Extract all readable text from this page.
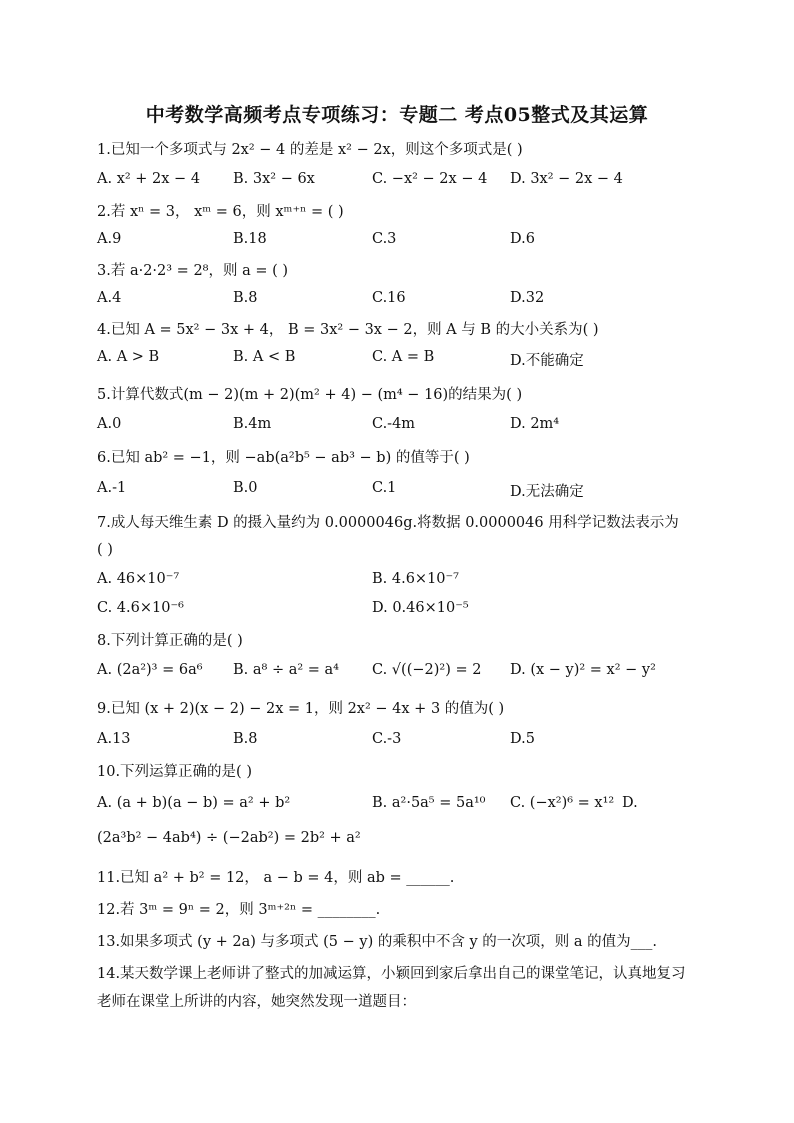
中考数学高频考点专项练习：专题二 考点05整式及其运算
1.已知一个多项式与 2x² − 4 的差是 x² − 2x，则这个多项式是( )
A. x² + 2x − 4 B. 3x² − 6x	C. −x² − 2x − 4 D. 3x² − 2x − 4
2.若 xⁿ = 3， xᵐ = 6，则 xᵐ⁺ⁿ = ( )
A.9	B.18	C.3	D.6
3.若 a·2·2³ = 2⁸，则 a = ( )
A.4	B.8	C.16	D.32
4.已知 A = 5x² − 3x + 4， B = 3x² − 3x − 2，则 A 与 B 的大小关系为( )
A. A > B	B. A < B	C. A = B	D.不能确定
5.计算代数式(m − 2)(m + 2)(m² + 4) − (m⁴ − 16)的结果为( )
A.0	B.4m	C.-4m	D. 2m⁴
6.已知 ab² = −1，则 −ab(a²b⁵ − ab³ − b) 的值等于( )
A.-1	B.0	C.1	D.无法确定
7.成人每天维生素 D 的摄入量约为 0.0000046g.将数据 0.0000046 用科学记数法表示为
( )
A. 46×10⁻⁷	B. 4.6×10⁻⁷
C. 4.6×10⁻⁶	D. 0.46×10⁻⁵
8.下列计算正确的是( )
A. (2a²)³ = 6a⁶ B. a⁸ ÷ a² = a⁴ C. √((−2)²) = 2 D. (x − y)² = x² − y²
9.已知 (x + 2)(x − 2) − 2x = 1，则 2x² − 4x + 3 的值为( )
A.13	B.8	C.-3	D.5
10.下列运算正确的是( )
A. (a + b)(a − b) = a² + b²	B. a²·5a⁵ = 5a¹⁰ C. (−x²)⁶ = x¹² D.
(2a³b² − 4ab⁴) ÷ (−2ab²) = 2b² + a²
11.已知 a² + b² = 12， a − b = 4，则 ab = ______.
12.若 3ᵐ = 9ⁿ = 2，则 3ᵐ⁺²ⁿ = ________.
13.如果多项式 (y + 2a) 与多项式 (5 − y) 的乘积中不含 y 的一次项，则 a 的值为___.
14.某天数学课上老师讲了整式的加减运算，小颖回到家后拿出自己的课堂笔记，认真地复习老师在课堂上所讲的内容，她突然发现一道题目：
